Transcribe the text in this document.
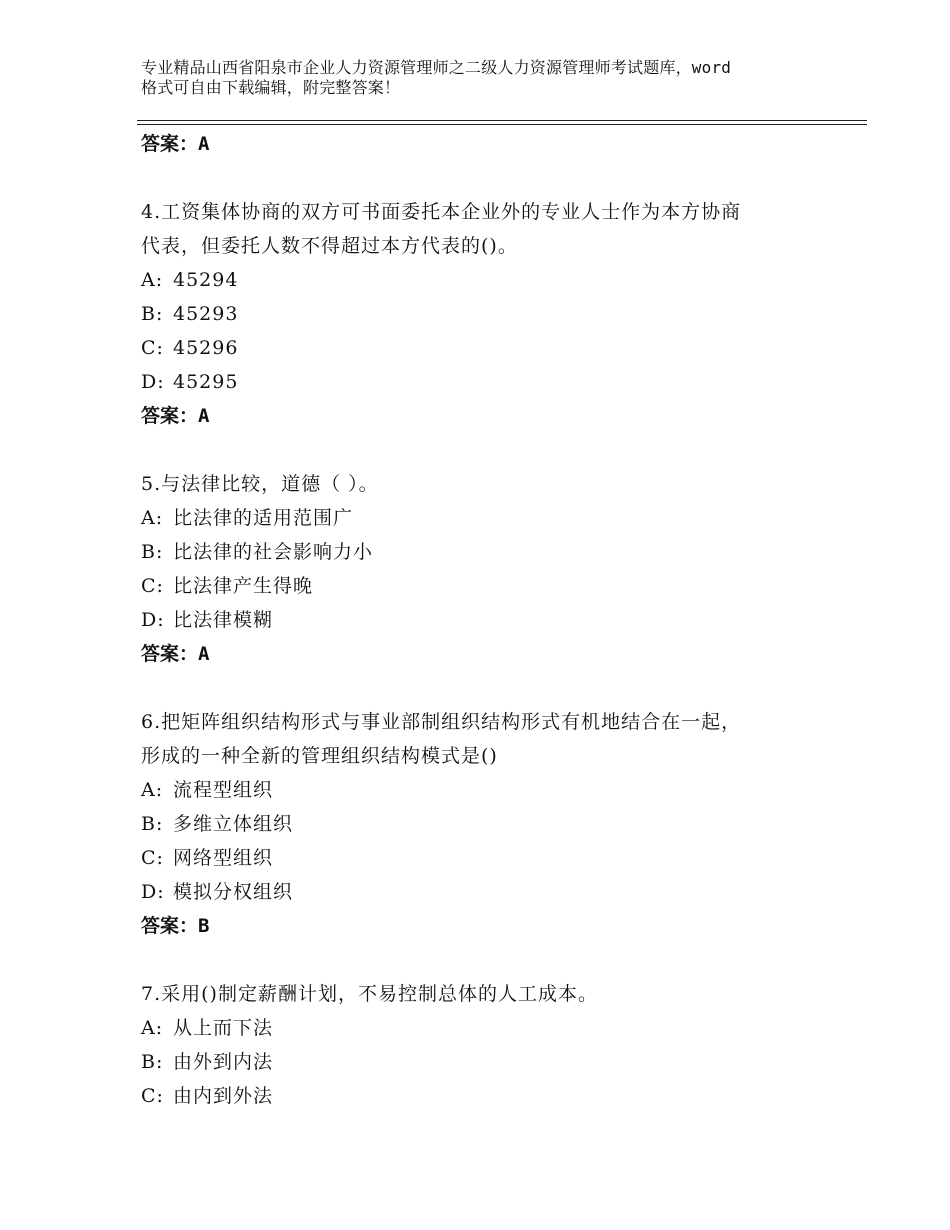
专业精品山西省阳泉市企业人力资源管理师之二级人力资源管理师考试题库，word
格式可自由下载编辑，附完整答案！
答案：A
4.工资集体协商的双方可书面委托本企业外的专业人士作为本方协商
代表，但委托人数不得超过本方代表的()。
A: 45294
B: 45293
C: 45296
D: 45295
答案：A
5.与法律比较，道德（ ）。
A: 比法律的适用范围广
B: 比法律的社会影响力小
C: 比法律产生得晚
D: 比法律模糊
答案：A
6.把矩阵组织结构形式与事业部制组织结构形式有机地结合在一起，
形成的一种全新的管理组织结构模式是()
A: 流程型组织
B: 多维立体组织
C: 网络型组织
D: 模拟分权组织
答案：B
7.采用()制定薪酬计划，不易控制总体的人工成本。
A: 从上而下法
B: 由外到内法
C: 由内到外法
